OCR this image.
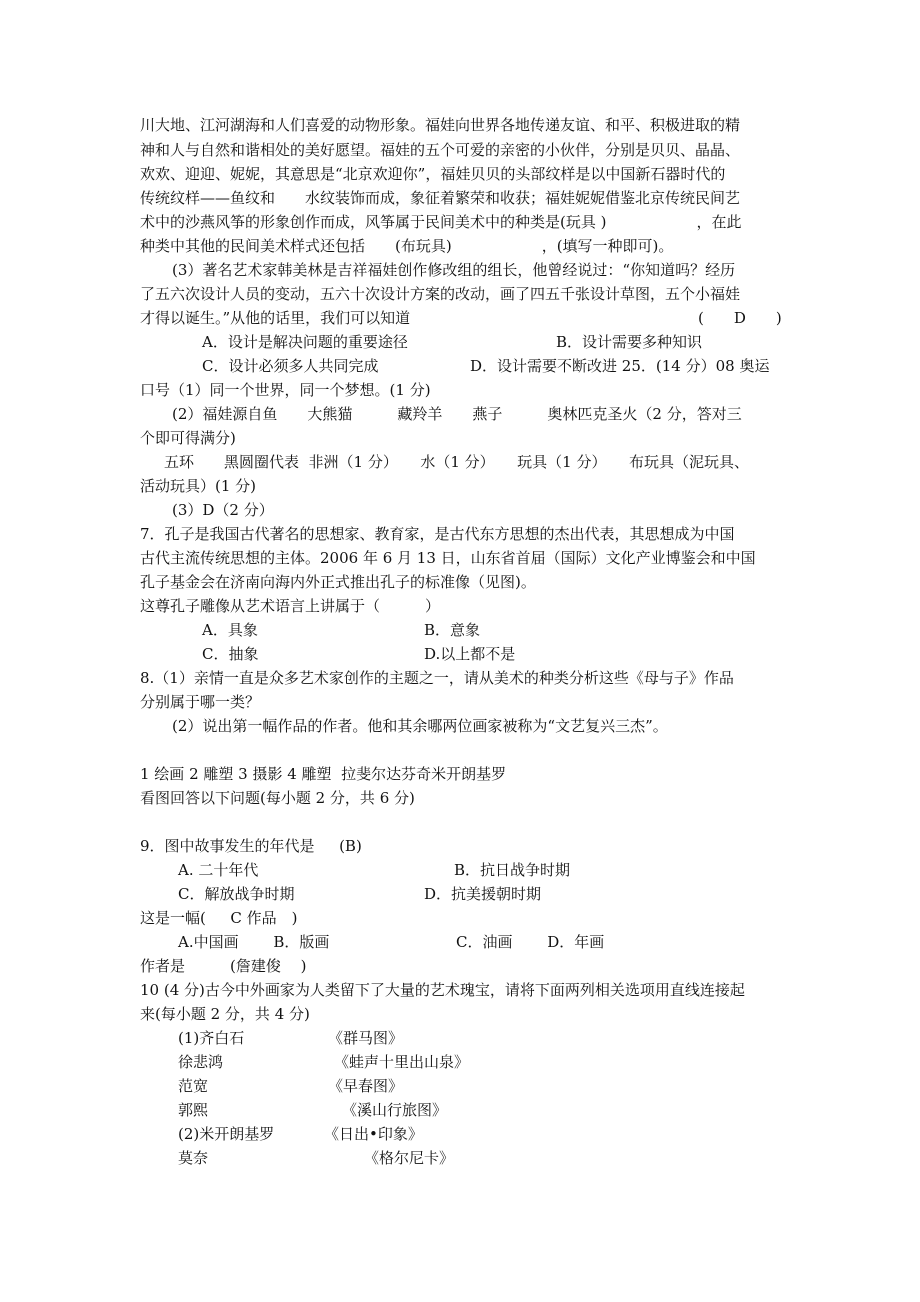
川大地、江河湖海和人们喜爱的动物形象。福娃向世界各地传递友谊、和平、积极进取的精
神和人与自然和谐相处的美好愿望。福娃的五个可爱的亲密的小伙伴，分别是贝贝、晶晶、
欢欢、迎迎、妮妮，其意思是“北京欢迎你”，福娃贝贝的头部纹样是以中国新石器时代的
传统纹样——鱼纹和　　水纹装饰而成，象征着繁荣和收获；福娃妮妮借鉴北京传统民间艺
术中的沙燕风筝的形象创作而成，风筝属于民间美术中的种类是(玩具 )　　　　　　，在此
种类中其他的民间美术样式还包括　　(布玩具)　　　　　　，(填写一种即可)。
(3）著名艺术家韩美林是吉祥福娃创作修改组的组长，他曾经说过：“你知道吗？经历
了五六次设计人员的变动，五六十次设计方案的改动，画了四五千张设计草图，五个小福娃
才得以诞生。”从他的话里，我们可以知道	(　　D　　)
A．设计是解决问题的重要途径	B．设计需要多种知识
C．设计必须多人共同完成	D．设计需要不断改进 25．(14 分）08 奥运
口号（1）同一个世界，同一个梦想。(1 分)
(2）福娃源自鱼　　大熊猫　　　藏羚羊　　燕子　　　奥林匹克圣火（2 分，答对三
个即可得满分)
五环　　黑圆圈代表  非洲（1 分）　　水（1 分）　　玩具（1 分）　　布玩具（泥玩具、
活动玩具）(1 分)
(3）D（2 分）
7．孔子是我国古代著名的思想家、教育家，是古代东方思想的杰出代表，其思想成为中国
古代主流传统思想的主体。2006 年 6 月 13 日，山东省首届（国际）文化产业博鉴会和中国
孔子基金会在济南向海内外正式推出孔子的标准像（见图)。
这尊孔子雕像从艺术语言上讲属于（　　　）
A．具象	B．意象
C．抽象	D.以上都不是
8.（1）亲情一直是众多艺术家创作的主题之一，请从美术的种类分析这些《母与子》作品
分别属于哪一类？
(2）说出第一幅作品的作者。他和其余哪两位画家被称为“文艺复兴三杰”。
1 绘画 2 雕塑 3 摄影 4 雕塑  拉斐尔达芬奇米开朗基罗
看图回答以下问题(每小题 2 分，共 6 分)
9．图中故事发生的年代是　  (B)
A. 二十年代	B．抗日战争时期
C．解放战争时期	D．抗美援朝时期
这是一幅(　  C 作品　)
A.中国画　　 B．版画	C．油画　　 D．年画
作者是　　　(詹建俊　 )
10 (4 分)古今中外画家为人类留下了大量的艺术瑰宝，请将下面两列相关选项用直线连接起
来(每小题 2 分，共 4 分)
(1)齐白石	《群马图》
徐悲鸿	《蛙声十里出山泉》
范宽	《早春图》
郭熙	《溪山行旅图》
(2)米开朗基罗	《日出•印象》
莫奈	《格尔尼卡》
